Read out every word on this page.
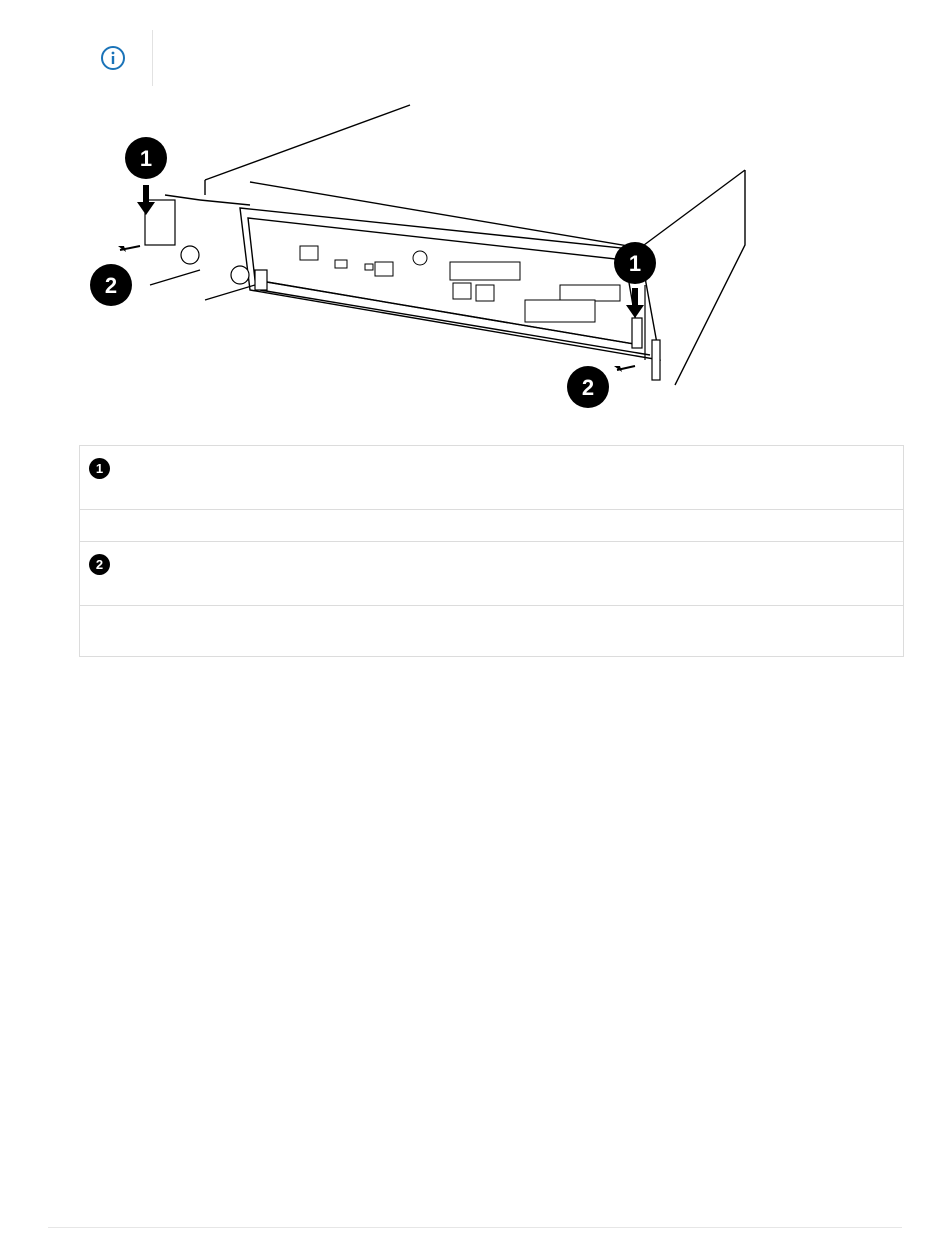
1
2
1
2
1
2
